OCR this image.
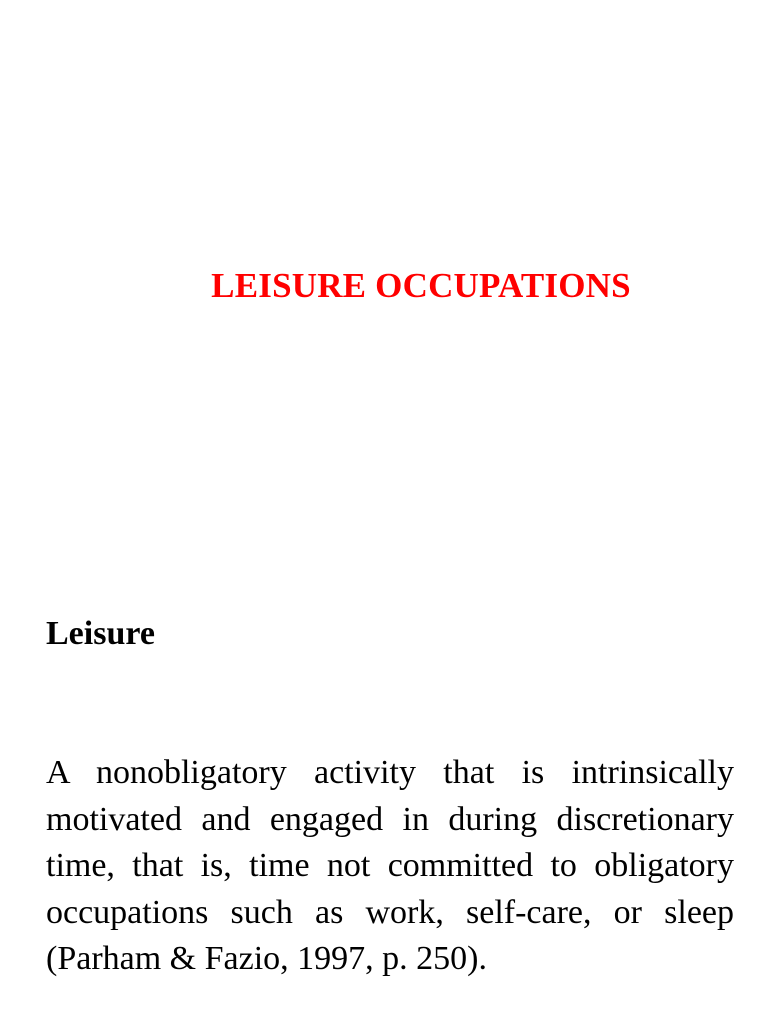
LEISURE OCCUPATIONS
Leisure

A nonobligatory activity that is intrinsically motivated and engaged in during discretionary time, that is, time not committed to obligatory occupations such as work, self-care, or sleep (Parham & Fazio, 1997, p. 250).
